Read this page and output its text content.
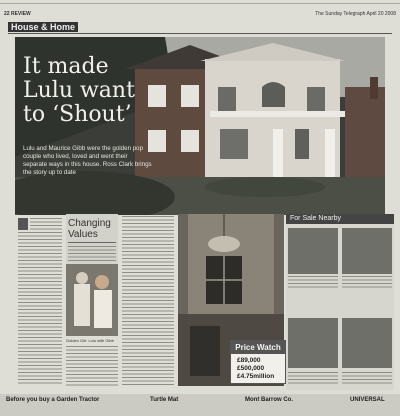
22 REVIEW	The Sunday Telegraph April 20 2008
House & Home
It made
Lulu want
to ‘Shout’
Lulu and Maurice Gibb were the golden pop couple who lived, loved and went their separate ways in this house. Ross Clark brings the story up to date
Changing
Values
Golden Girl: Lulu with Gibb
Price Watch
£89,000
£500,000
£4.75million
For Sale Nearby
Before you buy a Garden Tractor	Turtle Mat	Mont Barrow Co.	UNIVERSAL
